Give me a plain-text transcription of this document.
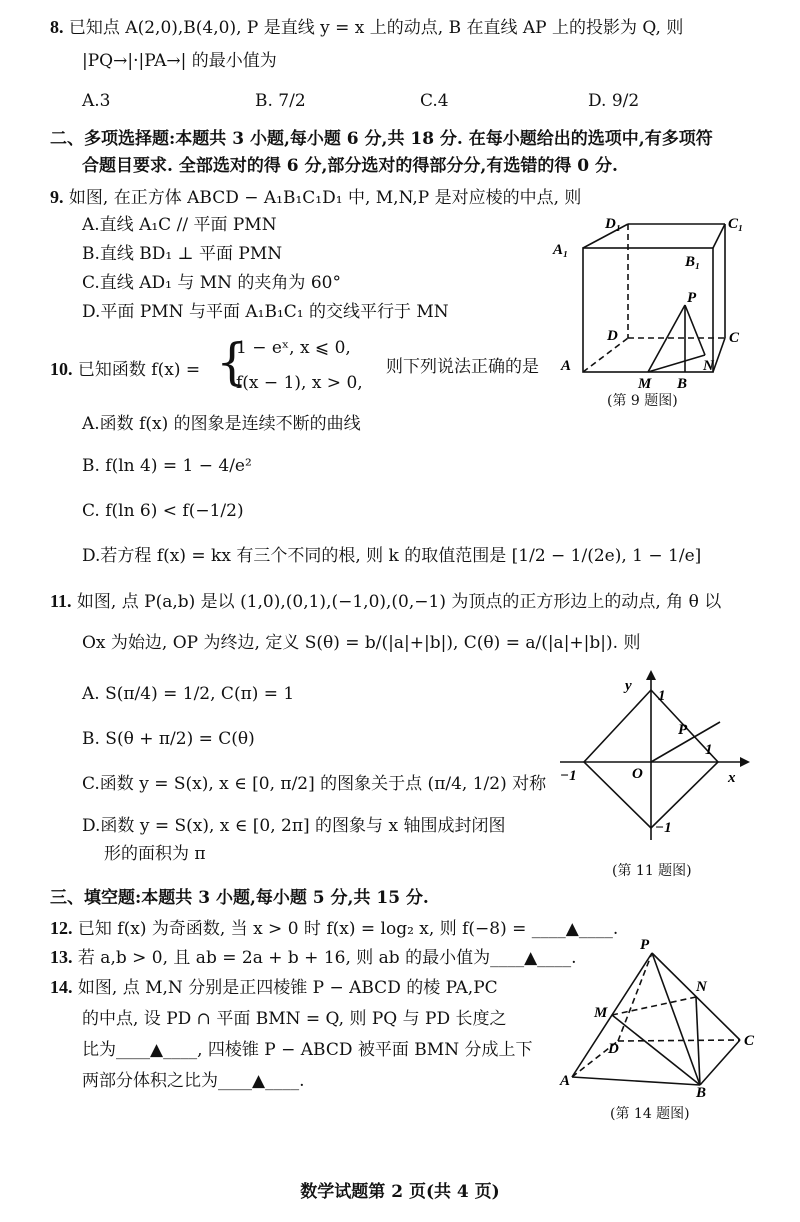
8. 已知点 A(2,0),B(4,0), P 是直线 y = x 上的动点, B 在直线 AP 上的投影为 Q, 则
|PQ→|·|PA→| 的最小值为
A.3	B. 7/2	C.4	D. 9/2
二、多项选择题:本题共 3 小题,每小题 6 分,共 18 分. 在每小题给出的选项中,有多项符
合题目要求. 全部选对的得 6 分,部分选对的得部分分,有选错的得 0 分.
9. 如图, 在正方体 ABCD − A₁B₁C₁D₁ 中, M,N,P 是对应棱的中点, 则
A.直线 A₁C // 平面 PMN
B.直线 BD₁ ⊥ 平面 PMN
C.直线 AD₁ 与 MN 的夹角为 60°
D.平面 PMN 与平面 A₁B₁C₁ 的交线平行于 MN
D₁	C₁
A₁
B₁
P
D	C
A
M B
N
(第 9 题图)
10. 已知函数 f(x) = {
1 − eˣ, x ⩽ 0,
f(x − 1), x > 0,
则下列说法正确的是
A.函数 f(x) 的图象是连续不断的曲线
B. f(ln 4) = 1 − 4/e²
C. f(ln 6) < f(−1/2)
D.若方程 f(x) = kx 有三个不同的根, 则 k 的取值范围是 [1/2 − 1/(2e), 1 − 1/e]
11. 如图, 点 P(a,b) 是以 (1,0),(0,1),(−1,0),(0,−1) 为顶点的正方形边上的动点, 角 θ 以
Ox 为始边, OP 为终边, 定义 S(θ) = b/(|a|+|b|), C(θ) = a/(|a|+|b|). 则
A. S(π/4) = 1/2, C(π) = 1
B. S(θ + π/2) = C(θ)
C.函数 y = S(x), x ∈ [0, π/2] 的图象关于点 (π/4, 1/2) 对称
D.函数 y = S(x), x ∈ [0, 2π] 的图象与 x 轴围成封闭图
形的面积为 π
y
1
P
1
−1	O	x
−1
(第 11 题图)
三、填空题:本题共 3 小题,每小题 5 分,共 15 分.
12. 已知 f(x) 为奇函数, 当 x > 0 时 f(x) = log₂ x, 则 f(−8) = ____▲____.
13. 若 a,b > 0, 且 ab = 2a + b + 16, 则 ab 的最小值为____▲____.
14. 如图, 点 M,N 分别是正四棱锥 P − ABCD 的棱 PA,PC
的中点, 设 PD ∩ 平面 BMN = Q, 则 PQ 与 PD 长度之
比为____▲____, 四棱锥 P − ABCD 被平面 BMN 分成上下
两部分体积之比为____▲____.
P
N
M
D	C
A
B
(第 14 题图)
数学试题第 2 页(共 4 页)
